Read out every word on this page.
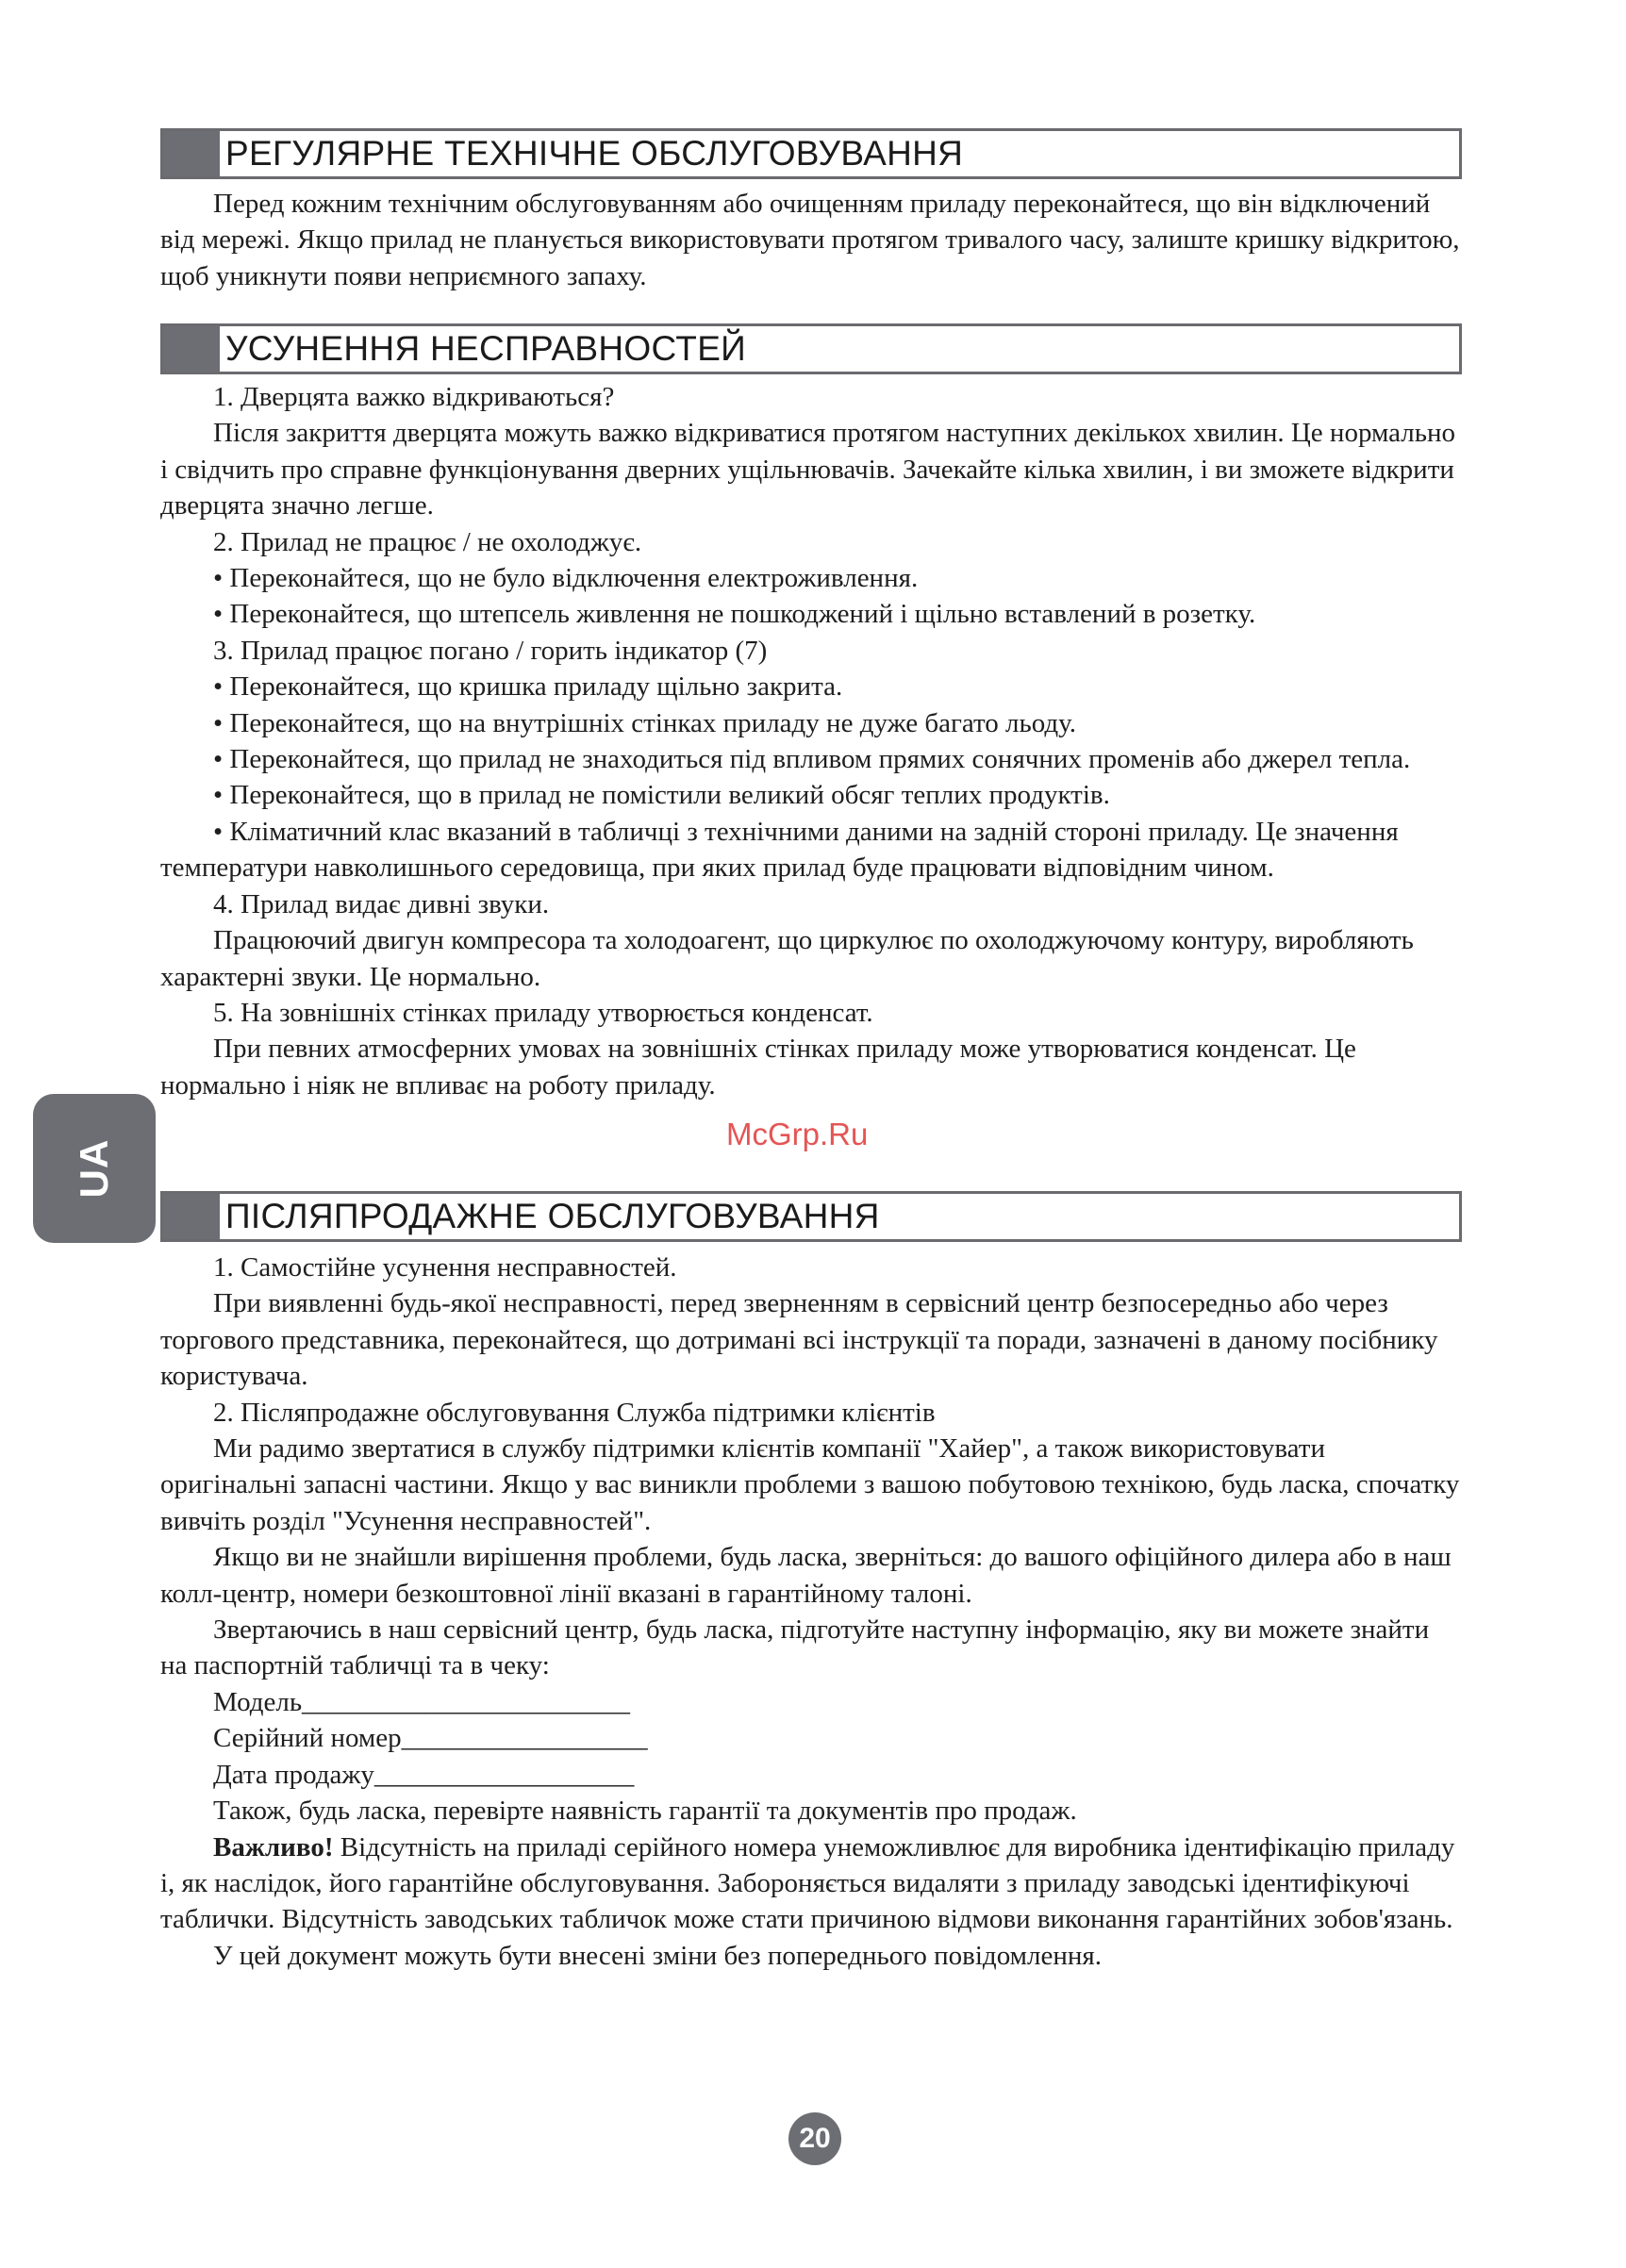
РЕГУЛЯРНЕ ТЕХНІЧНЕ ОБСЛУГОВУВАННЯ

Перед кожним технічним обслуговуванням або очищенням приладу переконайтеся, що він відключений від мережі. Якщо прилад не планується використовувати протягом тривалого часу, залиште кришку відкритою, щоб уникнути появи неприємного запаху.

УСУНЕННЯ НЕСПРАВНОСТЕЙ

1. Дверцята важко відкриваються?

Після закриття дверцята можуть важко відкриватися протягом наступних декількох хвилин. Це нормально і свідчить про справне функціонування дверних ущільнювачів. Зачекайте кілька хвилин, і ви зможете відкрити дверцята значно легше.

2. Прилад не працює / не охолоджує.

• Переконайтеся, що не було відключення електроживлення.

• Переконайтеся, що штепсель живлення не пошкоджений і щільно вставлений в розетку.

3. Прилад працює погано / горить індикатор (7)

• Переконайтеся, що кришка приладу щільно закрита.

• Переконайтеся, що на внутрішніх стінках приладу не дуже багато льоду.

• Переконайтеся, що прилад не знаходиться під впливом прямих сонячних променів або джерел тепла.

• Переконайтеся, що в прилад не помістили великий обсяг теплих продуктів.

• Кліматичний клас вказаний в табличці з технічними даними на задній стороні приладу. Це значення температури навколишнього середовища, при яких прилад буде працювати відповідним чином.

4. Прилад видає дивні звуки.

Працюючий двигун компресора та холодоагент, що циркулює по охолоджуючому контуру, виробляють характерні звуки. Це нормально.

5. На зовнішніх стінках приладу утворюється конденсат.

При певних атмосферних умовах на зовнішніх стінках приладу може утворюватися конденсат. Це нормально і ніяк не впливає на роботу приладу.

ПІСЛЯПРОДАЖНЕ ОБСЛУГОВУВАННЯ

1. Самостійне усунення несправностей.

При виявленні будь-якої несправності, перед зверненням в сервісний центр безпосередньо або через торгового представника, переконайтеся, що дотримані всі інструкції та поради, зазначені в даному посібнику користувача.

2. Післяпродажне обслуговування Служба підтримки клієнтів

Ми радимо звертатися в службу підтримки клієнтів компанії "Хайер", а також використовувати оригінальні запасні частини. Якщо у вас виникли проблеми з вашою побутовою технікою, будь ласка, спочатку вивчіть розділ "Усунення несправностей".

Якщо ви не знайшли вирішення проблеми, будь ласка, зверніться: до вашого офіційного дилера або в наш колл-центр, номери безкоштовної лінії вказані в гарантійному талоні.

Звертаючись в наш сервісний центр, будь ласка, підготуйте наступну інформацію, яку ви можете знайти на паспортній табличці та в чеку:

Модель________________________

Серійний номер__________________

Дата продажу___________________

Також, будь ласка, перевірте наявність гарантії та документів про продаж.

Важливо! Відсутність на приладі серійного номера унеможливлює для виробника ідентифікацію приладу і, як наслідок, його гарантійне обслуговування. Забороняється видаляти з приладу заводські ідентифікуючі таблички. Відсутність заводських табличок може стати причиною відмови виконання гарантійних зобов'язань.

У цей документ можуть бути внесені зміни без попереднього повідомлення.

UA
McGrp.Ru
20
